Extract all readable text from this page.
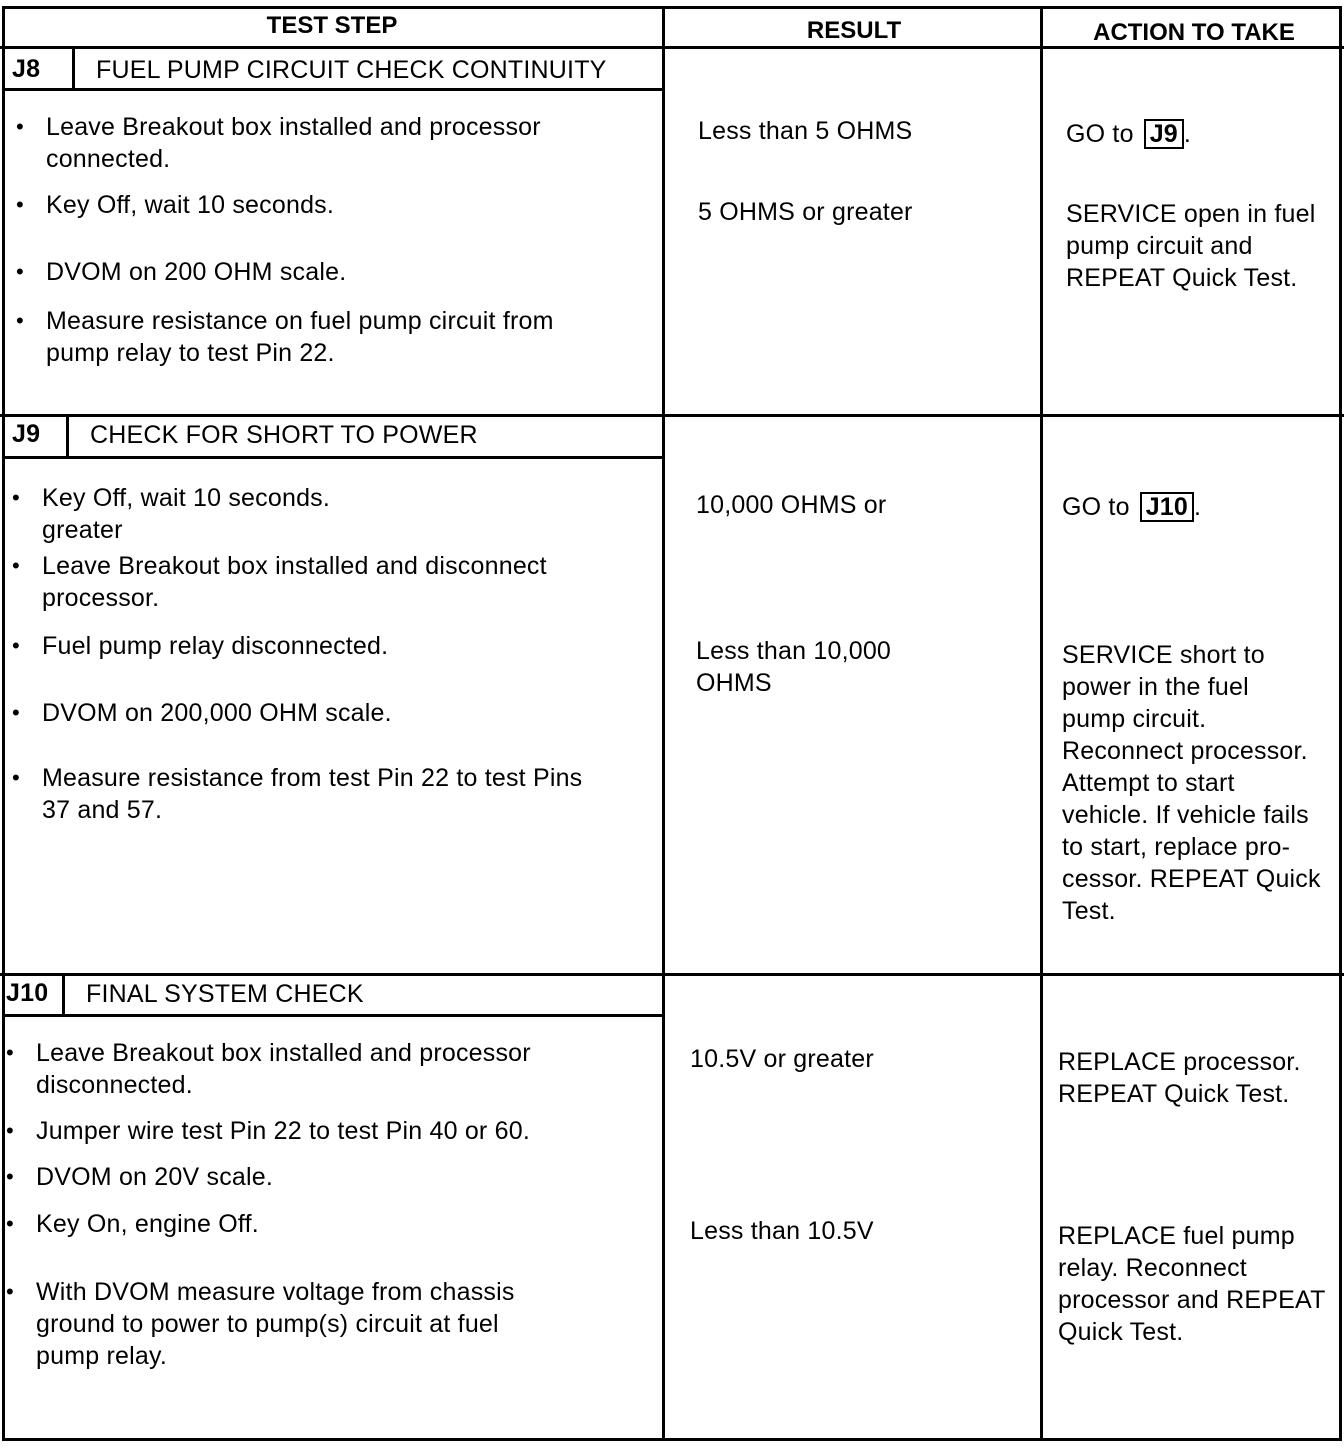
TEST STEP	RESULT	ACTION TO TAKE
J8 FUEL PUMP CIRCUIT CHECK CONTINUITY
• Leave Breakout box installed and processor
connected.
• Key Off, wait 10 seconds.
• DVOM on 200 OHM scale.
• Measure resistance on fuel pump circuit from
pump relay to test Pin 22.
Less than 5 OHMS
5 OHMS or greater
GO to J9 .
SERVICE open in fuel
pump circuit and
REPEAT Quick Test.
J9 CHECK FOR SHORT TO POWER
• Key Off, wait 10 seconds.
greater
• Leave Breakout box installed and disconnect
processor.
• Fuel pump relay disconnected.
• DVOM on 200,000 OHM scale.
• Measure resistance from test Pin 22 to test Pins
37 and 57.
10,000 OHMS or
Less than 10,000
OHMS
GO to J10 .
SERVICE short to
power in the fuel
pump circuit.
Reconnect processor.
Attempt to start
vehicle. If vehicle fails
to start, replace pro-
cessor. REPEAT Quick
Test.
J10 FINAL SYSTEM CHECK
• Leave Breakout box installed and processor
disconnected.
• Jumper wire test Pin 22 to test Pin 40 or 60.
• DVOM on 20V scale.
• Key On, engine Off.
• With DVOM measure voltage from chassis
ground to power to pump(s) circuit at fuel
pump relay.
10.5V or greater
Less than 10.5V
REPLACE processor.
REPEAT Quick Test.
REPLACE fuel pump
relay. Reconnect
processor and REPEAT
Quick Test.
